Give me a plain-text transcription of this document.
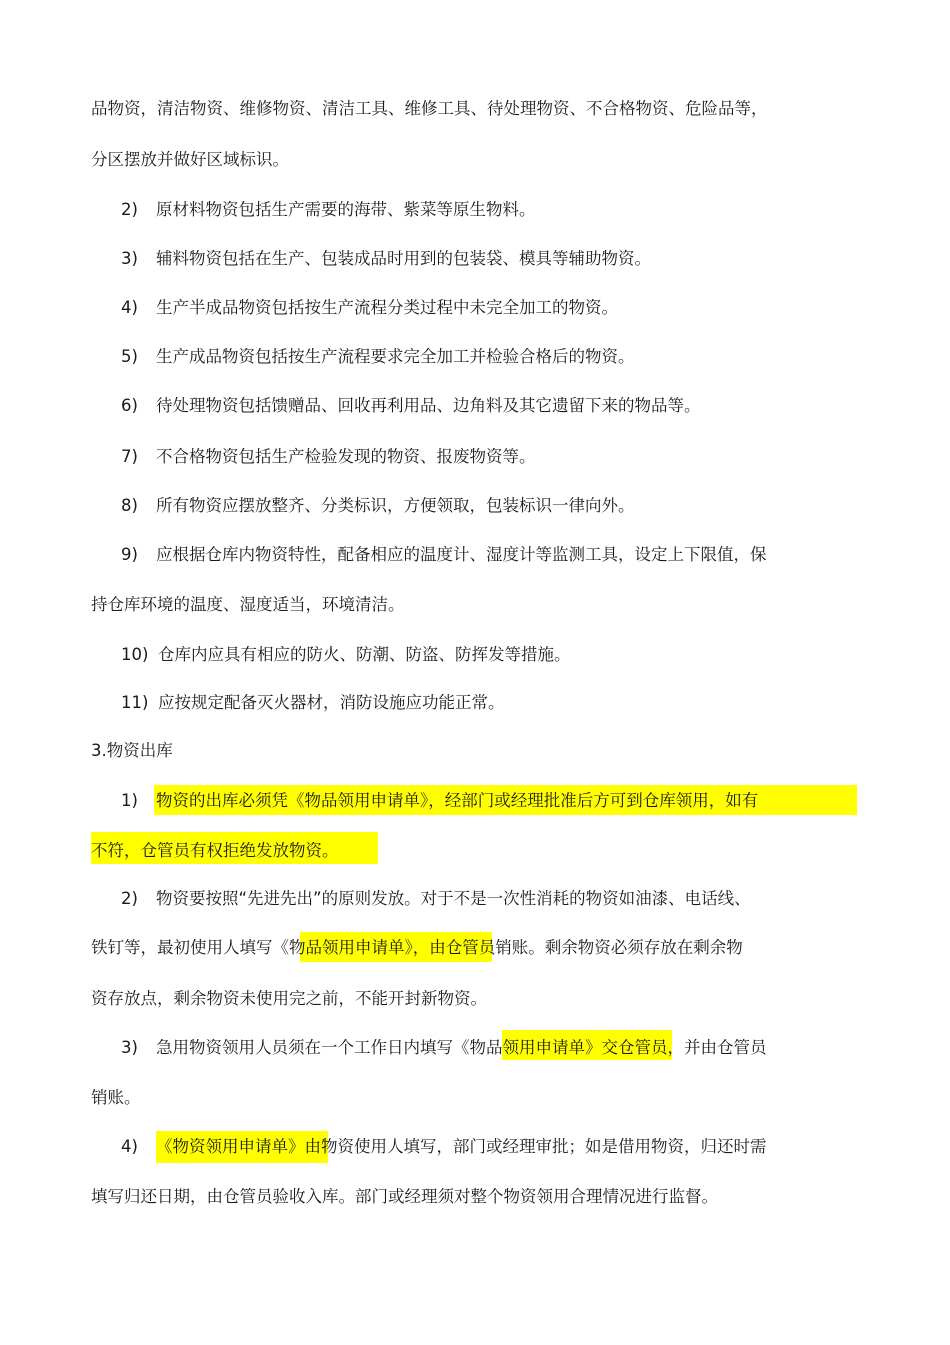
品物资，清洁物资、维修物资、清洁工具、维修工具、待处理物资、不合格物资、危险品等，
分区摆放并做好区域标识。
2) 原材料物资包括生产需要的海带、紫菜等原生物料。
3) 辅料物资包括在生产、包装成品时用到的包装袋、模具等辅助物资。
4) 生产半成品物资包括按生产流程分类过程中未完全加工的物资。
5) 生产成品物资包括按生产流程要求完全加工并检验合格后的物资。
6) 待处理物资包括馈赠品、回收再利用品、边角料及其它遗留下来的物品等。
7) 不合格物资包括生产检验发现的物资、报废物资等。
8) 所有物资应摆放整齐、分类标识，方便领取，包装标识一律向外。
9) 应根据仓库内物资特性，配备相应的温度计、湿度计等监测工具，设定上下限值，保
持仓库环境的温度、湿度适当，环境清洁。
10) 仓库内应具有相应的防火、防潮、防盗、防挥发等措施。
11) 应按规定配备灭火器材，消防设施应功能正常。
3.物资出库
1) 物资的出库必须凭《物品领用申请单》，经部门或经理批准后方可到仓库领用，如有
不符，仓管员有权拒绝发放物资。
2) 物资要按照“先进先出”的原则发放。对于不是一次性消耗的物资如油漆、电话线、
铁钉等，最初使用人填写《物品领用申请单》，由仓管员销账。剩余物资必须存放在剩余物
资存放点，剩余物资未使用完之前，不能开封新物资。
3) 急用物资领用人员须在一个工作日内填写《物品领用申请单》交仓管员，并由仓管员
销账。
4) 《物资领用申请单》由物资使用人填写，部门或经理审批；如是借用物资，归还时需
填写归还日期，由仓管员验收入库。部门或经理须对整个物资领用合理情况进行监督。
